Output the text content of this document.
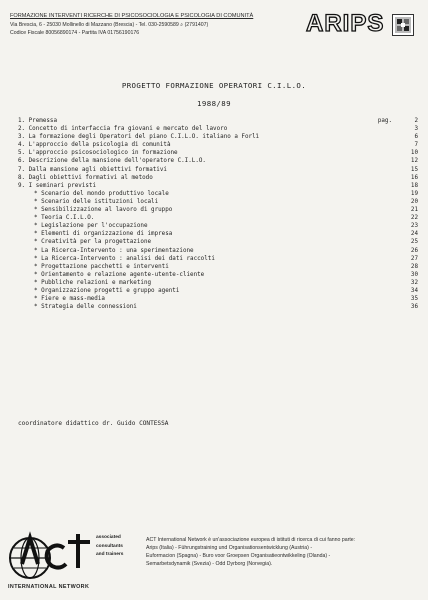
FORMAZIONE INTERVENTI RICERCHE DI PSICOSOCIOLOGIA E PSICOLOGIA DI COMUNITÀ
Via Brescia, 6 - 25030 Mollinello di Mazzano (Brescia) - Tel. 030-2590589 ⌕ (2791407)
Codice Fiscale 80056890174 - Partita IVA 01756190176	ARIPS
PROGETTO FORMAZIONE OPERATORI C.I.L.O.
1988/89
1. Premessa	pag.	2
2. Concetto di interfaccia fra giovani e mercato del lavoro	3
3. La formazione degli Operatori del piano C.I.L.O. italiano a Forlì	6
4. L'approccio della psicologia di comunità	7
5. L'approccio psicosociologico in formazione	10
6. Descrizione della mansione dell'operatore C.I.L.O.	12
7. Dalla mansione agli obiettivi formativi	15
8. Dagli obiettivi formativi al metodo	16
9. I seminari previsti	18
* Scenario del mondo produttivo locale	19
* Scenario delle istituzioni locali	20
* Sensibilizzazione al lavoro di gruppo	21
* Teoria C.I.L.O.	22
* Legislazione per l'occupazione	23
* Elementi di organizzazione di impresa	24
* Creatività per la progettazione	25
* La Ricerca-Intervento : una sperimentazione	26
* La Ricerca-Intervento : analisi dei dati raccolti	27
* Progettazione pacchetti e interventi	28
* Orientamento e relazione agente-utente-cliente	30
* Pubbliche relazioni e marketing	32
* Organizzazione progetti e gruppo agenti	34
* Fiere e mass-media	35
* Strategia delle connessioni	36
coordinatore didattico dr. Guido CONTESSA
INTERNATIONAL NETWORK
associated
consultants
and trainers
ACT International Network è un'associazione europea di istituti di ricerca di cui fanno parte:
Arips (Italia) - Führungstraining und Organisationsentwicklung (Austria) -
Euformacion (Spagna) - Buro voor Groepsen Organisatieontwikkeling (Olanda) -
Semarbetsdynamik (Svezia) - Odd Dyrborg (Norvegia).
